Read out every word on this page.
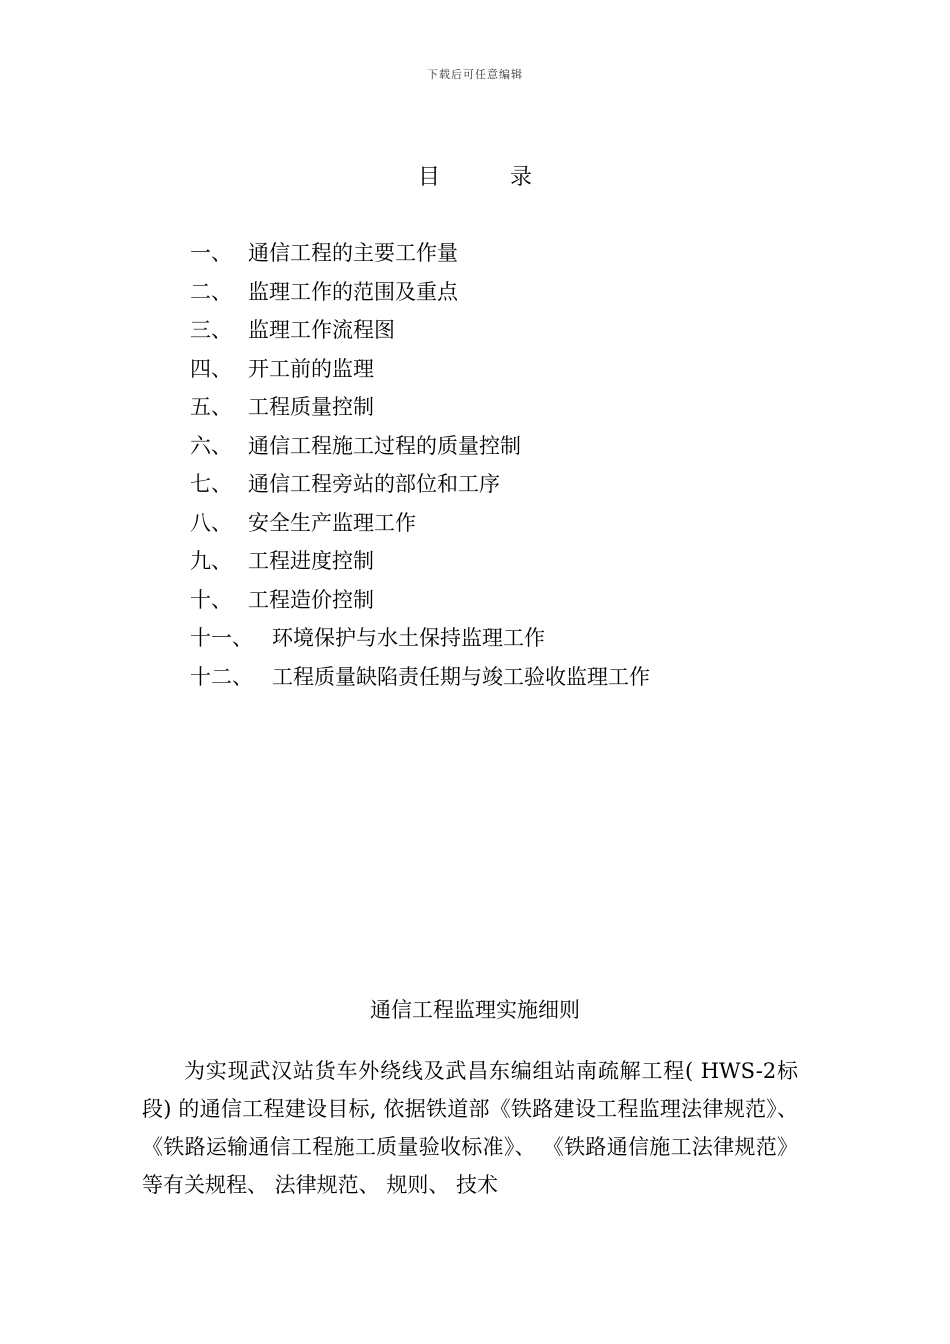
下载后可任意编辑
目	录
一、 通信工程的主要工作量
二、 监理工作的范围及重点
三、 监理工作流程图
四、 开工前的监理
五、 工程质量控制
六、 通信工程施工过程的质量控制
七、 通信工程旁站的部位和工序
八、 安全生产监理工作
九、 工程进度控制
十、 工程造价控制
十一、 环境保护与水土保持监理工作
十二、 工程质量缺陷责任期与竣工验收监理工作
通信工程监理实施细则

为实现武汉站货车外绕线及武昌东编组站南疏解工程( HWS-2标段) 的通信工程建设目标, 依据铁道部《铁路建设工程监理法律规范》、 《铁路运输通信工程施工质量验收标准》、 《铁路通信施工法律规范》等有关规程、 法律规范、 规则、 技术
